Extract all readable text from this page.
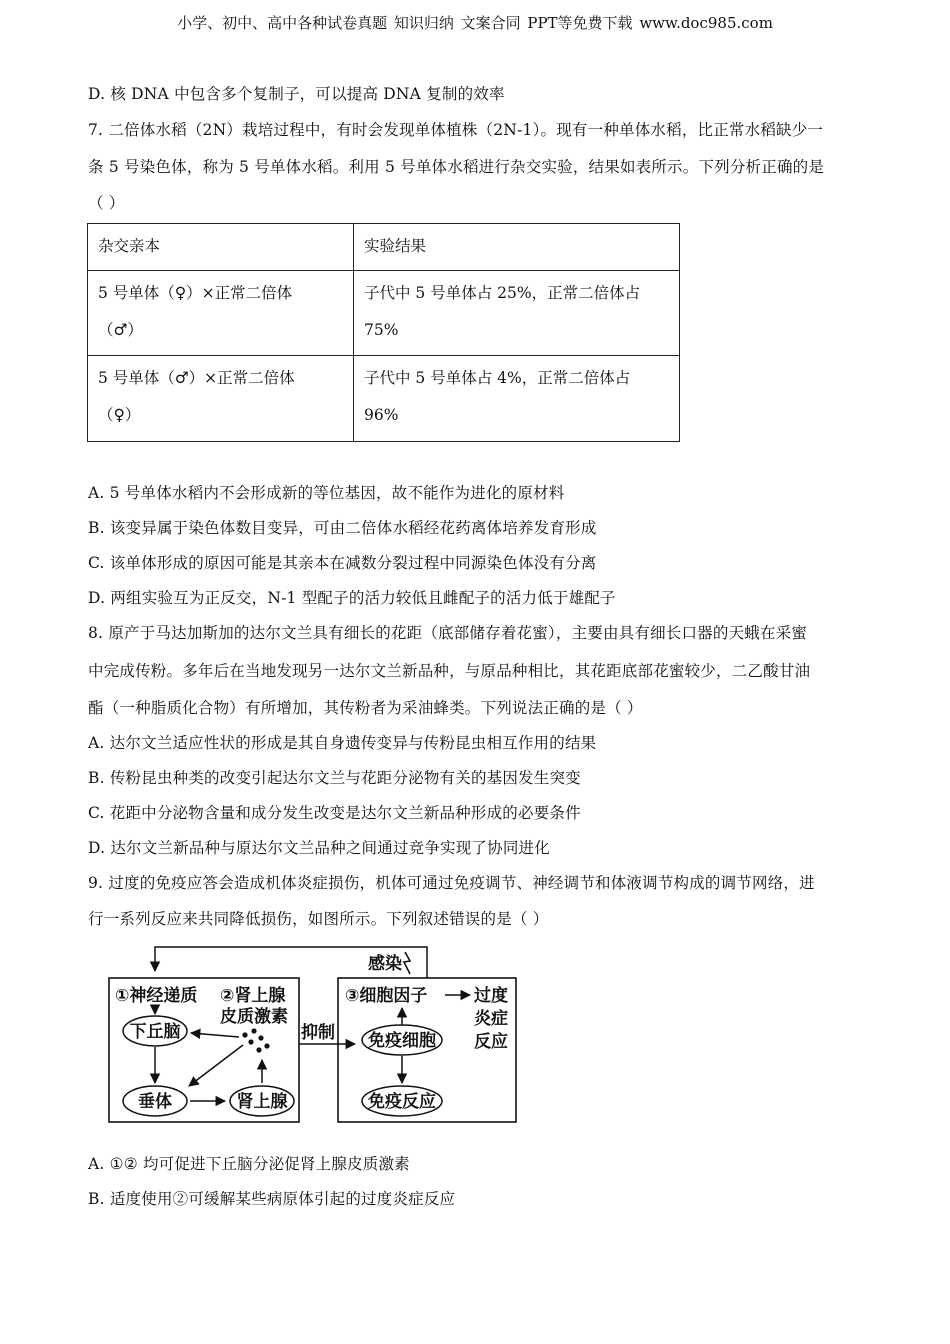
小学、初中、高中各种试卷真题 知识归纳 文案合同 PPT等免费下载 www.doc985.com
D. 核 DNA 中包含多个复制子，可以提高 DNA 复制的效率
7. 二倍体水稻（2N）栽培过程中，有时会发现单体植株（2N-1）。现有一种单体水稻，比正常水稻缺少一
条 5 号染色体，称为 5 号单体水稻。利用 5 号单体水稻进行杂交实验，结果如表所示。下列分析正确的是
（ ）
杂交亲本	实验结果

5 号单体（♀）×正常二倍体
（♂）	子代中 5 号单体占 25%，正常二倍体占
75%

5 号单体（♂）×正常二倍体
（♀）	子代中 5 号单体占 4%，正常二倍体占
96%
A. 5 号单体水稻内不会形成新的等位基因，故不能作为进化的原材料
B. 该变异属于染色体数目变异，可由二倍体水稻经花药离体培养发育形成
C. 该单体形成的原因可能是其亲本在减数分裂过程中同源染色体没有分离
D. 两组实验互为正反交，N-1 型配子的活力较低且雌配子的活力低于雄配子
8. 原产于马达加斯加的达尔文兰具有细长的花距（底部储存着花蜜），主要由具有细长口器的天蛾在采蜜
中完成传粉。多年后在当地发现另一达尔文兰新品种，与原品种相比，其花距底部花蜜较少，二乙酸甘油
酯（一种脂质化合物）有所增加，其传粉者为采油蜂类。下列说法正确的是（ ）
A. 达尔文兰适应性状的形成是其自身遗传变异与传粉昆虫相互作用的结果
B. 传粉昆虫种类的改变引起达尔文兰与花距分泌物有关的基因发生突变
C. 花距中分泌物含量和成分发生改变是达尔文兰新品种形成的必要条件
D. 达尔文兰新品种与原达尔文兰品种之间通过竞争实现了协同进化
9. 过度的免疫应答会造成机体炎症损伤，机体可通过免疫调节、神经调节和体液调节构成的调节网络，进
行一系列反应来共同降低损伤，如图所示。下列叙述错误的是（ ）
感染
①神经递质 ②肾上腺
皮质激素
下丘脑
垂体	肾上腺
抑制
③细胞因子	过度
炎症
反应
免疫细胞
免疫反应
A. ①② 均可促进下丘脑分泌促肾上腺皮质激素
B. 适度使用②可缓解某些病原体引起的过度炎症反应
